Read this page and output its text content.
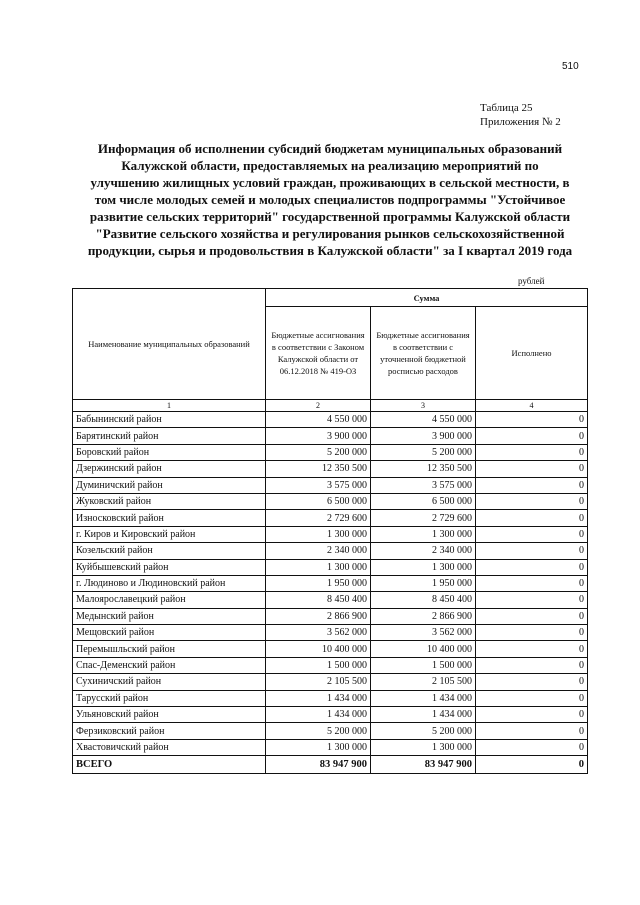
510
Таблица 25
Приложения № 2
Информация об исполнении субсидий бюджетам муниципальных образований
Калужской области, предоставляемых на реализацию мероприятий по
улучшению жилищных условий граждан, проживающих в сельской местности, в
том числе молодых семей и молодых специалистов подпрограммы "Устойчивое
развитие сельских территорий" государственной программы Калужской области
"Развитие сельского хозяйства и регулирования рынков сельскохозяйственной
продукции, сырья и продовольствия в Калужской области" за I квартал 2019 года
рублей
Наименование муниципальных образований	Сумма		
	Бюджетные ассигнования в соответствии с Законом Калужской области от 06.12.2018 № 419-ОЗ	Бюджетные ассигнования в соответствии с уточненной бюджетной росписью расходов	Исполнено
1	2	3	4
Бабынинский район	4 550 000	4 550 000	0
Барятинский район	3 900 000	3 900 000	0
Боровский район	5 200 000	5 200 000	0
Дзержинский район	12 350 500	12 350 500	0
Думиничский район	3 575 000	3 575 000	0
Жуковский район	6 500 000	6 500 000	0
Износковский район	2 729 600	2 729 600	0
г. Киров и Кировский район	1 300 000	1 300 000	0
Козельский район	2 340 000	2 340 000	0
Куйбышевский район	1 300 000	1 300 000	0
г. Людиново и Людиновский район	1 950 000	1 950 000	0
Малоярославецкий район	8 450 400	8 450 400	0
Медынский район	2 866 900	2 866 900	0
Мещовский район	3 562 000	3 562 000	0
Перемышльский район	10 400 000	10 400 000	0
Спас-Деменский район	1 500 000	1 500 000	0
Сухиничский район	2 105 500	2 105 500	0
Тарусский район	1 434 000	1 434 000	0
Ульяновский район	1 434 000	1 434 000	0
Ферзиковский район	5 200 000	5 200 000	0
Хвастовичский район	1 300 000	1 300 000	0
ВСЕГО	83 947 900	83 947 900	0
